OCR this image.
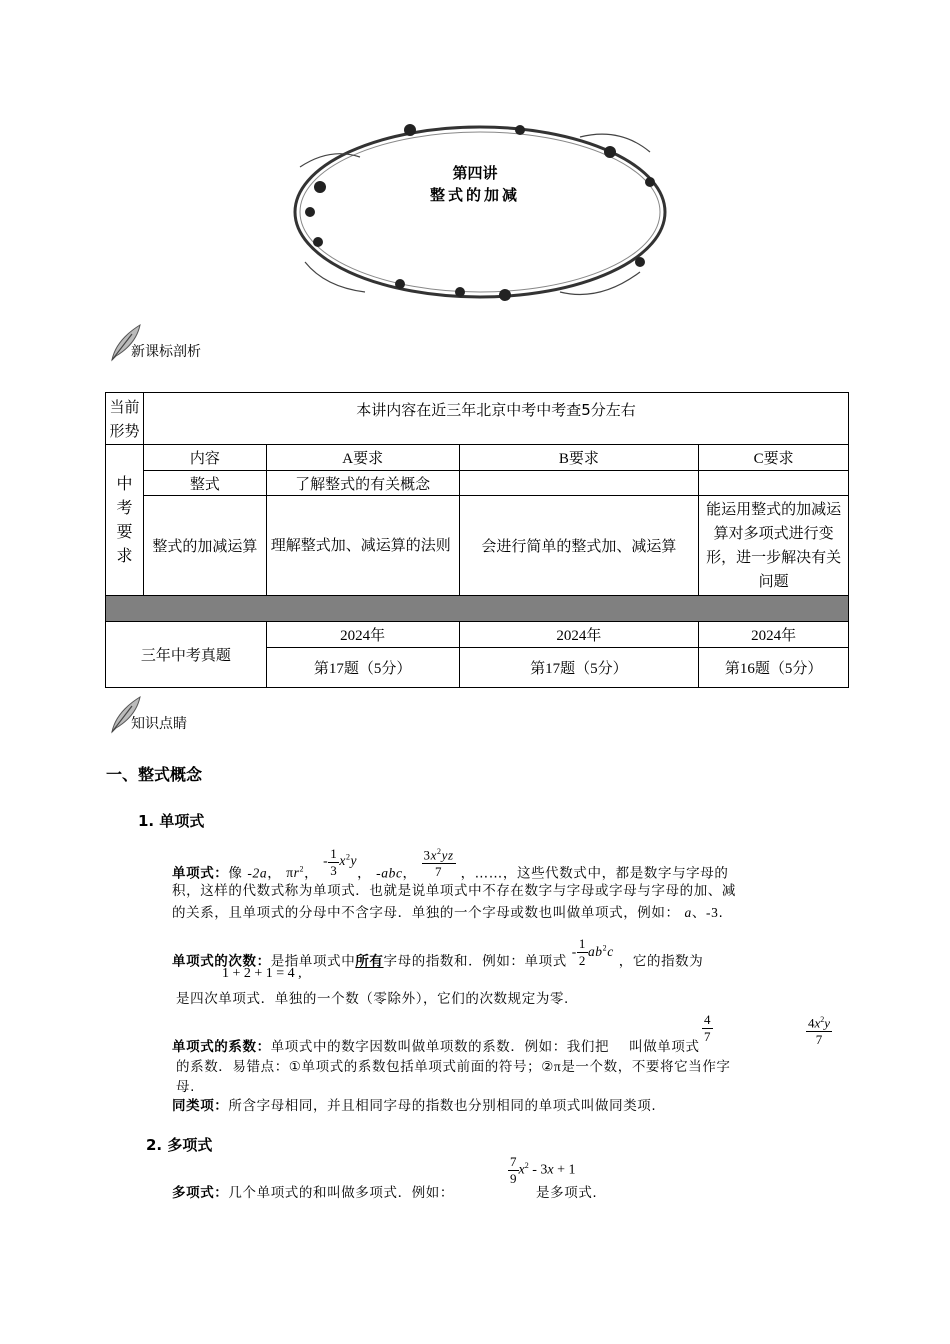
第四讲
整式的加减
新课标剖析
当前形势	本讲内容在近三年北京中考中考查5分左右			
中考要求	内容	A要求	B要求	C要求
	整式	了解整式的有关概念		
	整式的加减运算	理解整式加、减运算的法则	会进行简单的整式加、减运算	能运用整式的加减运算对多项式进行变形，进一步解决有关问题

三年中考真题		2024年	2024年	2024年
		第17题（5分）	第17题（5分）	第16题（5分）
知识点睛
一、整式概念
1. 单项式
单项式：像 -2a， $\pi r^2$， - $\frac{1}{3} x^2y$， -abc， $\frac{3x^2yz}{7}$ ，……，这些代数式中，都是数字与字母的
积，这样的代数式称为单项式．也就是说单项式中不存在数字与字母或字母与字母的加、减
的关系，且单项式的分母中不含字母．单独的一个字母或数也叫做单项式，例如： a、-3.
单项式的次数：是指单项式中所有字母的指数和．例如：单项式 - $\frac{1}{2} ab^2c$ ，它的指数为
1 + 2 + 1 = 4 ,
是四次单项式．单独的一个数（零除外），它们的次数规定为零.
$\frac{4}{7}$	$\frac{4x^2y}{7}$
单项式的系数：单项式中的数字因数叫做单项数的系数．例如：我们把 叫做单项式
的系数．易错点：①单项式的系数包括单项式前面的符号；②π是一个数，不要将它当作字
母.
同类项：所含字母相同，并且相同字母的指数也分别相同的单项式叫做同类项.
2. 多项式
$\frac{7}{9} x^2 - 3x + 1$
多项式：几个单项式的和叫做多项式．例如：	是多项式.
